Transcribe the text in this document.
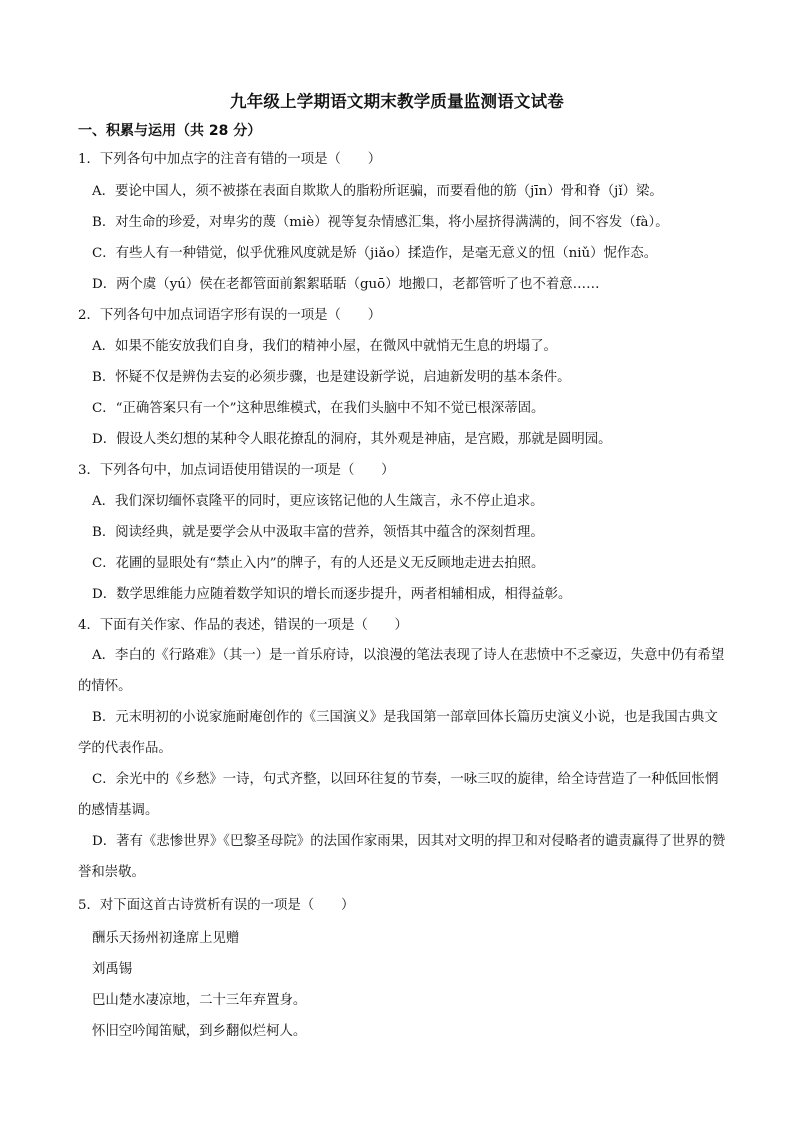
九年级上学期语文期末教学质量监测语文试卷
一、积累与运用（共 28 分）
1．下列各句中加点字的注音有错的一项是（　　）
A．要论中国人，须不被搽在表面自欺欺人的脂粉所诓骗，而要看他的筋（jīn）骨和脊（jǐ）梁。
B．对生命的珍爱，对卑劣的蔑（miè）视等复杂情感汇集，将小屋挤得满满的，间不容发（fà）。
C．有些人有一种错觉，似乎优雅风度就是矫（jiǎo）揉造作，是毫无意义的忸（niǔ）怩作态。
D．两个虞（yú）侯在老都管面前絮絮聒聒（guō）地搬口，老都管听了也不着意……
2．下列各句中加点词语字形有误的一项是（　　）
A．如果不能安放我们自身，我们的精神小屋，在微风中就悄无生息的坍塌了。
B．怀疑不仅是辨伪去妄的必须步骤，也是建设新学说，启迪新发明的基本条件。
C．“正确答案只有一个”这种思维模式，在我们头脑中不知不觉已根深蒂固。
D．假设人类幻想的某种令人眼花撩乱的洞府，其外观是神庙，是宫殿，那就是圆明园。
3．下列各句中，加点词语使用错误的一项是（　　）
A．我们深切缅怀袁隆平的同时，更应该铭记他的人生箴言，永不停止追求。
B．阅读经典，就是要学会从中汲取丰富的营养，领悟其中蕴含的深刻哲理。
C．花圃的显眼处有“禁止入内”的牌子，有的人还是义无反顾地走进去拍照。
D．数学思维能力应随着数学知识的增长而逐步提升，两者相辅相成，相得益彰。
4．下面有关作家、作品的表述，错误的一项是（　　）
A．李白的《行路难》（其一）是一首乐府诗，以浪漫的笔法表现了诗人在悲愤中不乏豪迈，失意中仍有希望的情怀。
B．元末明初的小说家施耐庵创作的《三国演义》是我国第一部章回体长篇历史演义小说，也是我国古典文学的代表作品。
C．余光中的《乡愁》一诗，句式齐整，以回环往复的节奏，一咏三叹的旋律，给全诗营造了一种低回怅惘的感情基调。
D．著有《悲惨世界》《巴黎圣母院》的法国作家雨果，因其对文明的捍卫和对侵略者的谴责赢得了世界的赞誉和崇敬。
5．对下面这首古诗赏析有误的一项是（　　）
酬乐天扬州初逢席上见赠
刘禹锡
巴山楚水凄凉地，二十三年弃置身。
怀旧空吟闻笛赋，到乡翻似烂柯人。
